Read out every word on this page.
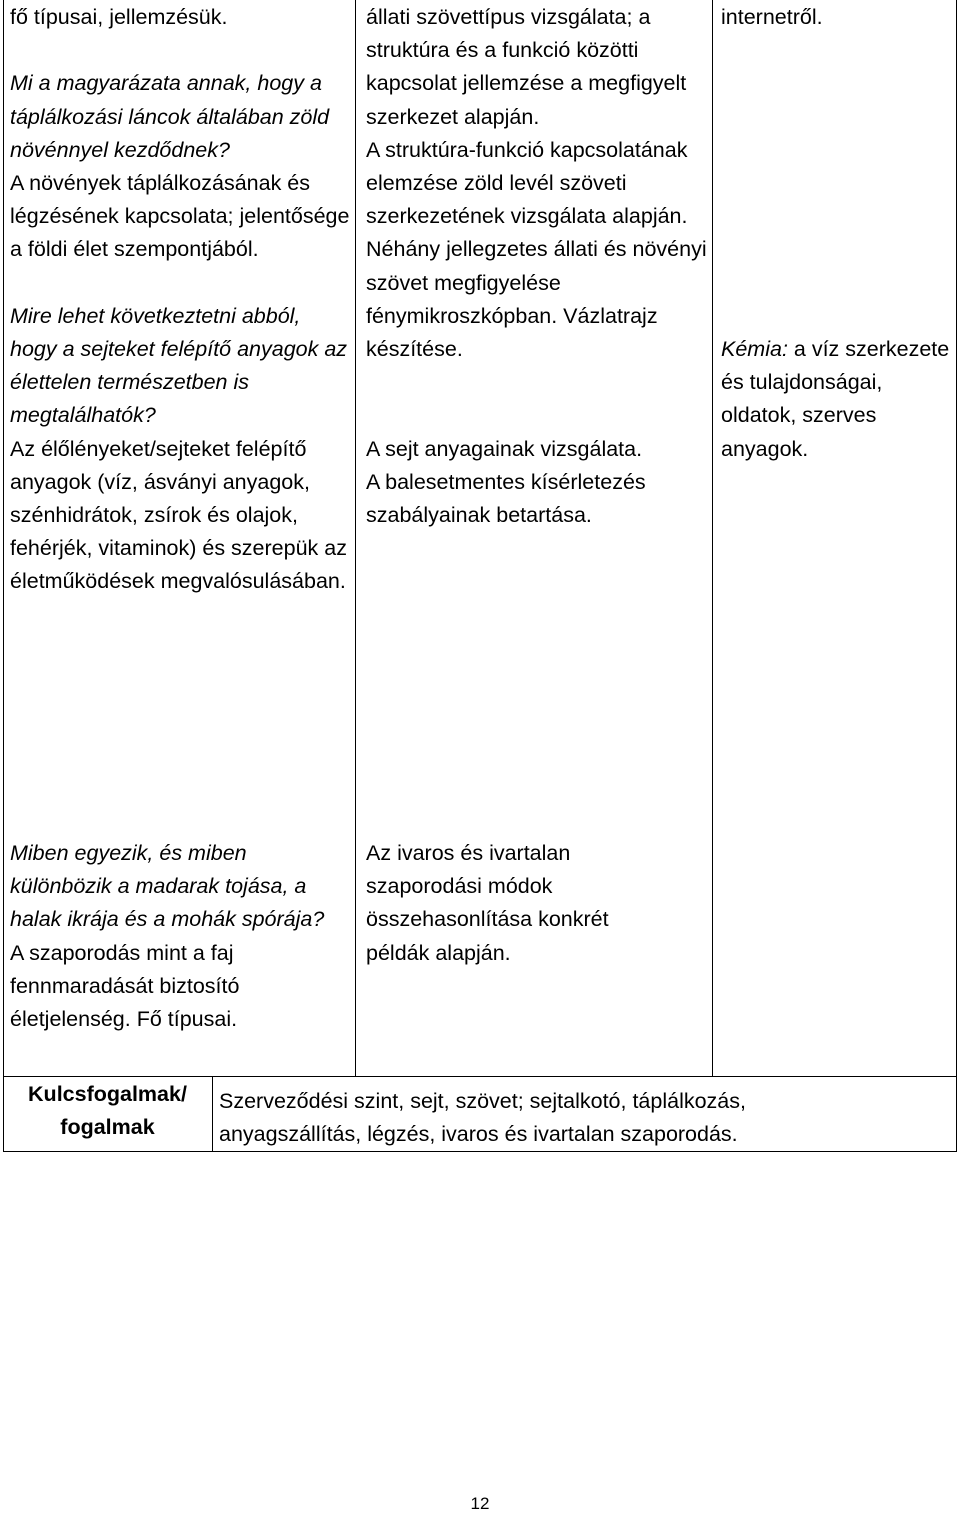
fő típusai, jellemzésük.

Mi a magyarázata annak, hogy a táplálkozási láncok általában zöld növénnyel kezdődnek?

A növények táplálkozásának és légzésének kapcsolata; jelentősége a földi élet szempontjából.

Mire lehet következtetni abból, hogy a sejteket felépítő anyagok az élettelen természetben is megtalálhatók?

Az élőlényeket/sejteket felépítő anyagok (víz, ásványi anyagok, szénhidrátok, zsírok és olajok, fehérjék, vitaminok) és szerepük az életműködések megvalósulásában.

állati szövettípus vizsgálata; a struktúra és a funkció közötti kapcsolat jellemzése a megfigyelt szerkezet alapján.

A struktúra-funkció kapcsolatának elemzése zöld levél szöveti szerkezetének vizsgálata alapján.

Néhány jellegzetes állati és növényi szövet megfigyelése fénymikroszkópban. Vázlatrajz készítése.

A sejt anyagainak vizsgálata.

A balesetmentes kísérletezés szabályainak betartása.

internetről.

Kémia: a víz szerkezete és tulajdonságai, oldatok, szerves anyagok.

Miben egyezik, és miben különbözik a madarak tojása, a halak ikrája és a mohák spórája?

A szaporodás mint a faj fennmaradását biztosító életjelenség. Fő típusai.

Az ivaros és ivartalan szaporodási módok összehasonlítása konkrét példák alapján.

Kulcsfogalmak/ fogalmak
Szerveződési szint, sejt, szövet; sejtalkotó, táplálkozás, anyagszállítás, légzés, ivaros és ivartalan szaporodás.
12
